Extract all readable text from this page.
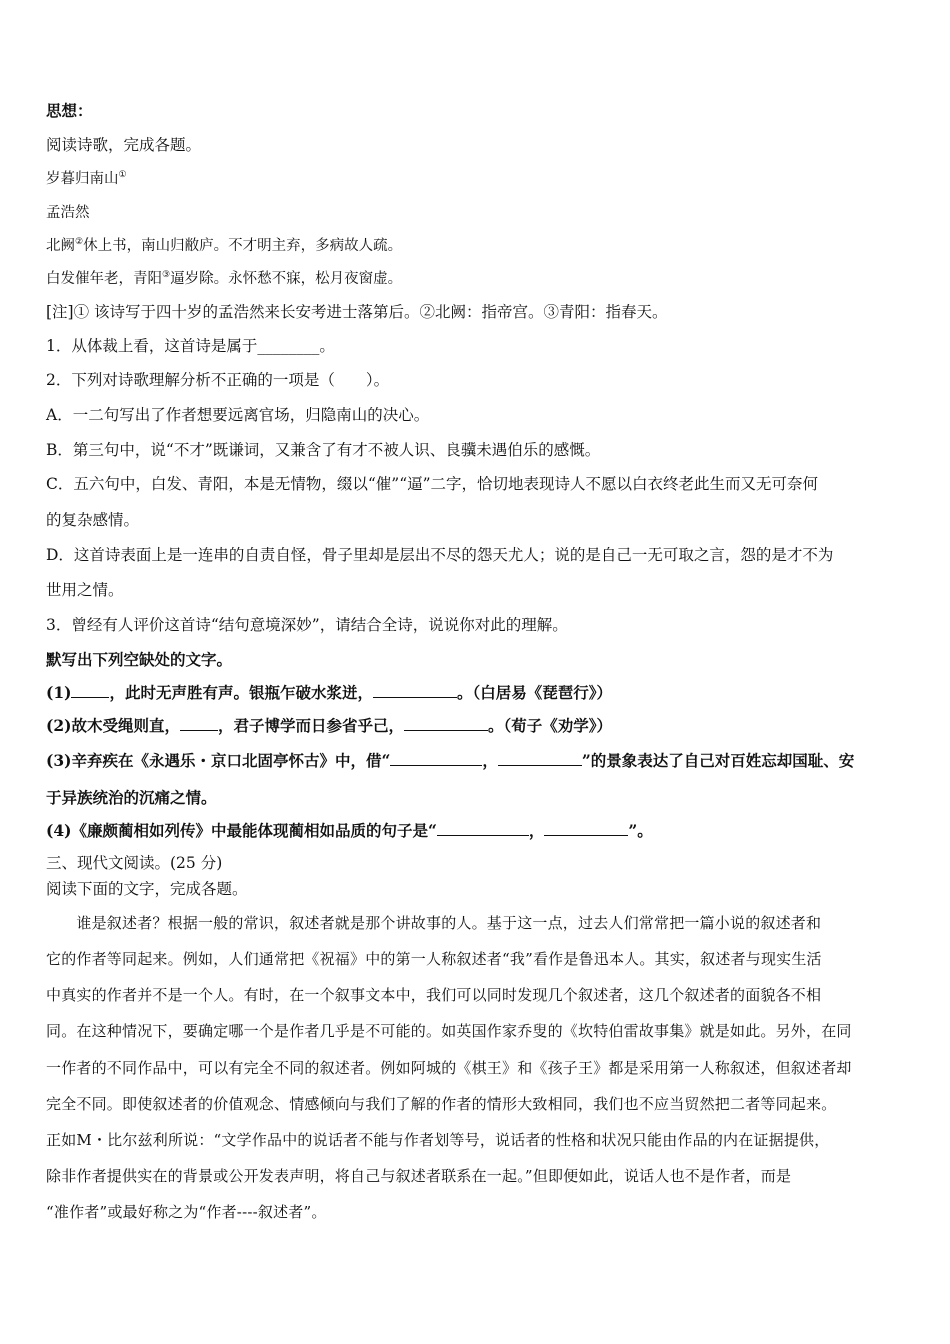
思想：
阅读诗歌，完成各题。
岁暮归南山①
孟浩然
北阙②休上书，南山归敝庐。不才明主弃，多病故人疏。
白发催年老，青阳③逼岁除。永怀愁不寐，松月夜窗虚。
[注]① 该诗写于四十岁的孟浩然来长安考进士落第后。②北阙：指帝宫。③青阳：指春天。
1．从体裁上看，这首诗是属于________。
2．下列对诗歌理解分析不正确的一项是（　　）。
A．一二句写出了作者想要远离官场，归隐南山的决心。
B．第三句中，说“不才”既谦词，又兼含了有才不被人识、良骥未遇伯乐的感慨。
C．五六句中，白发、青阳，本是无情物，缀以“催”“逼”二字，恰切地表现诗人不愿以白衣终老此生而又无可奈何
的复杂感情。
D．这首诗表面上是一连串的自责自怪，骨子里却是层出不尽的怨天尤人；说的是自己一无可取之言，怨的是才不为
世用之情。
3．曾经有人评价这首诗“结句意境深妙”，请结合全诗，说说你对此的理解。
默写出下列空缺处的文字。
(1) ，此时无声胜有声。银瓶乍破水浆迸，	。（白居易《琵琶行》）
(2)故木受绳则直， ，君子博学而日参省乎己，	。（荀子《劝学》）
(3)辛弃疾在《永遇乐・京口北固亭怀古》中，借“	，	”的景象表达了自己对百姓忘却国耻、安
于异族统治的沉痛之情。
(4)《廉颇蔺相如列传》中最能体现蔺相如品质的句子是“	，	”。
三、现代文阅读。(25 分)
阅读下面的文字，完成各题。
　　谁是叙述者？根据一般的常识，叙述者就是那个讲故事的人。基于这一点，过去人们常常把一篇小说的叙述者和
它的作者等同起来。例如，人们通常把《祝福》中的第一人称叙述者“我”看作是鲁迅本人。其实，叙述者与现实生活
中真实的作者并不是一个人。有时，在一个叙事文本中，我们可以同时发现几个叙述者，这几个叙述者的面貌各不相
同。在这种情况下，要确定哪一个是作者几乎是不可能的。如英国作家乔叟的《坎特伯雷故事集》就是如此。另外，在同
一作者的不同作品中，可以有完全不同的叙述者。例如阿城的《棋王》和《孩子王》都是采用第一人称叙述，但叙述者却
完全不同。即使叙述者的价值观念、情感倾向与我们了解的作者的情形大致相同，我们也不应当贸然把二者等同起来。
正如M・比尔兹利所说：“文学作品中的说话者不能与作者划等号，说话者的性格和状况只能由作品的内在证据提供，
除非作者提供实在的背景或公开发表声明，将自己与叙述者联系在一起。”但即便如此，说话人也不是作者，而是
“准作者”或最好称之为“作者----叙述者”。
